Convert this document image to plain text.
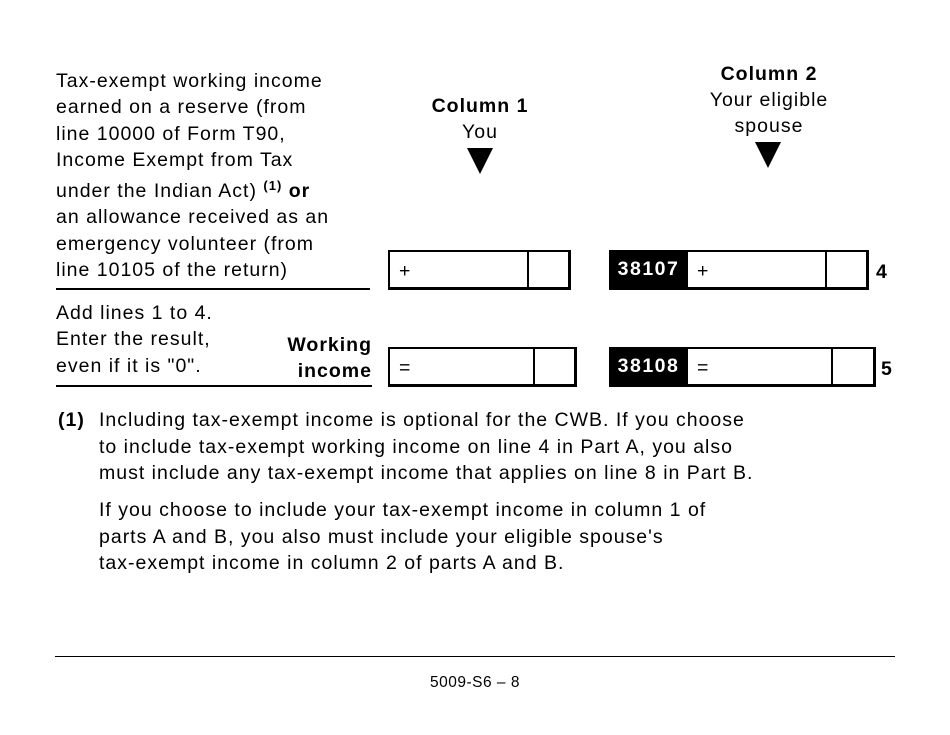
Column 1
You
Column 2
Your eligible
spouse
Tax-exempt working income
earned on a reserve (from
line 10000 of Form T90,
Income Exempt from Tax
under the Indian Act) $^{(1)}$ or
an allowance received as an
emergency volunteer (from
line 10105 of the return)	+	38107 +	4
Add lines 1 to 4.
Enter the result,
even if it is "0".
Working
income =	38108 =	5
(1) Including tax-exempt income is optional for the CWB. If you choose
to include tax-exempt working income on line 4 in Part A, you also
must include any tax-exempt income that applies on line 8 in Part B.
If you choose to include your tax-exempt income in column 1 of
parts A and B, you also must include your eligible spouse's
tax-exempt income in column 2 of parts A and B.
5009-S6 – 8
